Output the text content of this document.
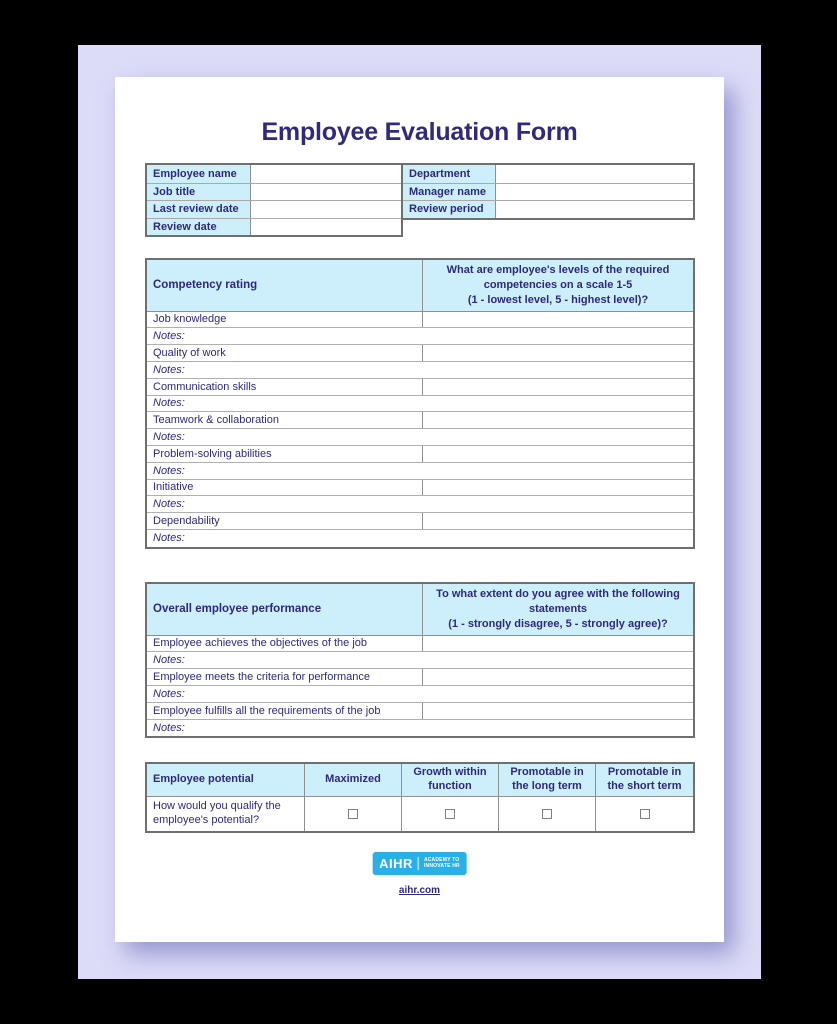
Employee Evaluation Form
Employee name
Job title
Last review date
Review date
Department
Manager name
Review period
Competency rating
What are employee's levels of the required competencies on a scale 1-5
(1 - lowest level, 5 - highest level)?
Job knowledge
Notes:
Quality of work
Notes:
Communication skills
Notes:
Teamwork & collaboration
Notes:
Problem-solving abilities
Notes:
Initiative
Notes:
Dependability
Notes:
Overall employee performance
To what extent do you agree with the following statements
(1 - strongly disagree, 5 - strongly agree)?
Employee achieves the objectives of the job
Notes:
Employee meets the criteria for performance
Notes:
Employee fulfills all the requirements of the job
Notes:
Employee potential	Maximized
Growth within function
Promotable in the long term
Promotable in the short term
How would you qualify the employee's potential?
AIHR ACADEMY TO
INNOVATE HR
aihr.com
